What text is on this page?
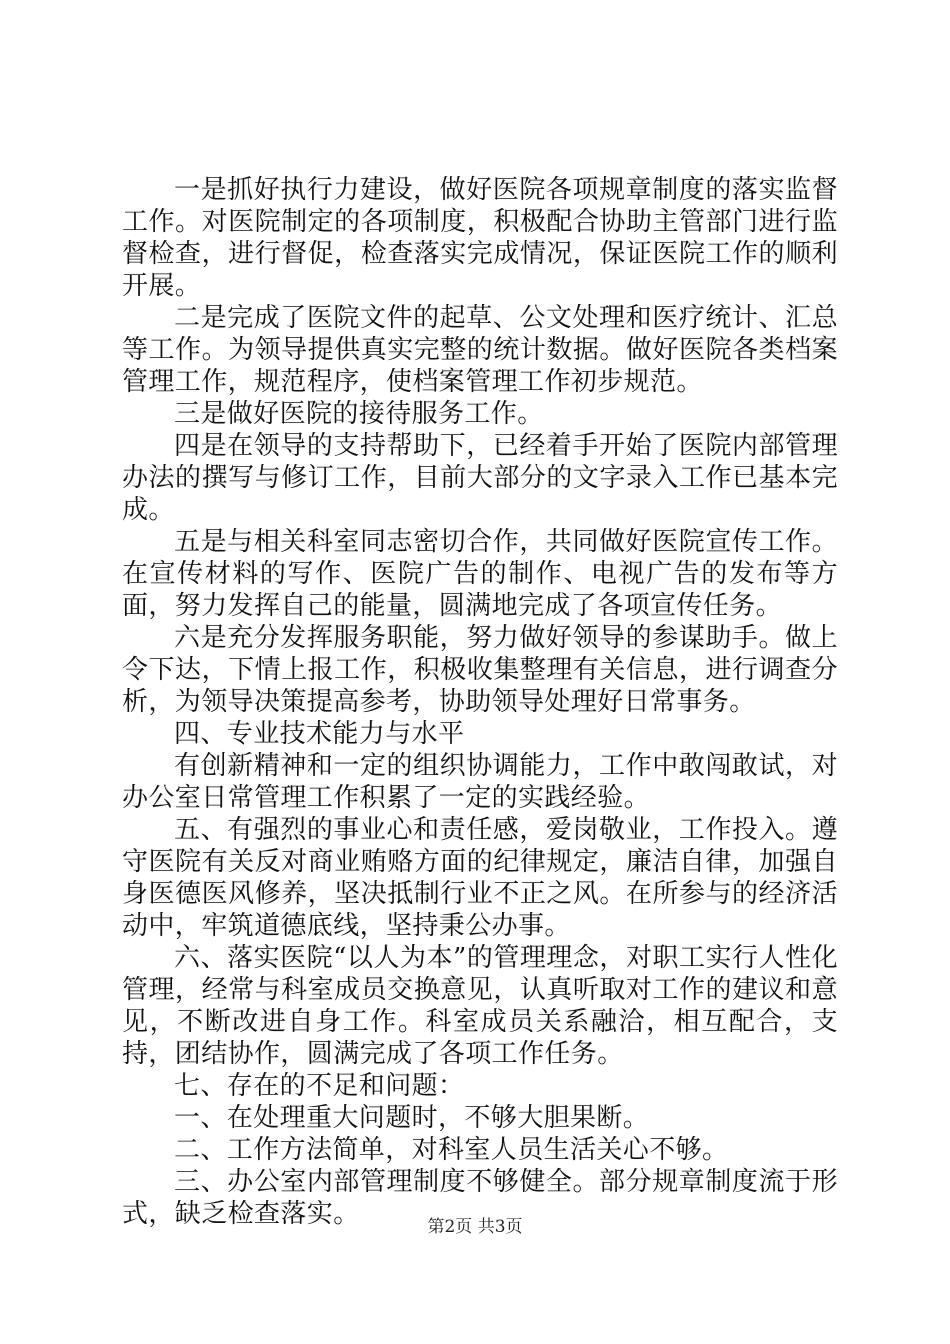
一是抓好执行力建设，做好医院各项规章制度的落实监督工作。对医院制定的各项制度，积极配合协助主管部门进行监督检查，进行督促，检查落实完成情况，保证医院工作的顺利开展。

二是完成了医院文件的起草、公文处理和医疗统计、汇总等工作。为领导提供真实完整的统计数据。做好医院各类档案管理工作，规范程序，使档案管理工作初步规范。

三是做好医院的接待服务工作。

四是在领导的支持帮助下，已经着手开始了医院内部管理办法的撰写与修订工作，目前大部分的文字录入工作已基本完成。

五是与相关科室同志密切合作，共同做好医院宣传工作。在宣传材料的写作、医院广告的制作、电视广告的发布等方面，努力发挥自己的能量，圆满地完成了各项宣传任务。

六是充分发挥服务职能，努力做好领导的参谋助手。做上令下达，下情上报工作，积极收集整理有关信息，进行调查分析，为领导决策提高参考，协助领导处理好日常事务。

四、专业技术能力与水平

有创新精神和一定的组织协调能力，工作中敢闯敢试，对办公室日常管理工作积累了一定的实践经验。

五、有强烈的事业心和责任感，爱岗敬业，工作投入。遵守医院有关反对商业贿赂方面的纪律规定，廉洁自律，加强自身医德医风修养，坚决抵制行业不正之风。在所参与的经济活动中，牢筑道德底线，坚持秉公办事。

六、落实医院“以人为本”的管理理念，对职工实行人性化管理，经常与科室成员交换意见，认真听取对工作的建议和意见，不断改进自身工作。科室成员关系融洽，相互配合，支持，团结协作，圆满完成了各项工作任务。

七、存在的不足和问题：

一、在处理重大问题时，不够大胆果断。

二、工作方法简单，对科室人员生活关心不够。

三、办公室内部管理制度不够健全。部分规章制度流于形式，缺乏检查落实。	第2页 共3页
